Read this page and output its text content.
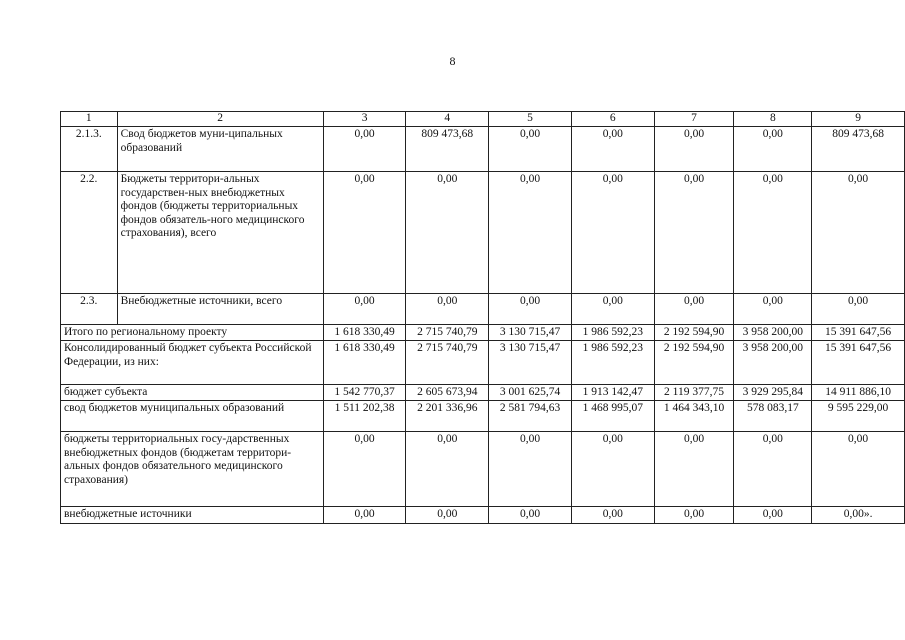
8
1	2	3	4	5	6	7	8	9
2.1.3.	Свод бюджетов муни-ципальных образований	0,00	809 473,68	0,00	0,00	0,00	0,00	809 473,68
2.2.	Бюджеты территори-альных государствен-ных внебюджетных фондов (бюджеты территориальных фондов обязатель-ного медицинского страхования), всего	0,00	0,00	0,00	0,00	0,00	0,00	0,00
2.3.	Внебюджетные источники, всего	0,00	0,00	0,00	0,00	0,00	0,00	0,00
Итого по региональному проекту		1 618 330,49	2 715 740,79	3 130 715,47	1 986 592,23	2 192 594,90	3 958 200,00	15 391 647,56
Консолидированный бюджет субъекта Российской Федерации, из них:		1 618 330,49	2 715 740,79	3 130 715,47	1 986 592,23	2 192 594,90	3 958 200,00	15 391 647,56
бюджет субъекта		1 542 770,37	2 605 673,94	3 001 625,74	1 913 142,47	2 119 377,75	3 929 295,84	14 911 886,10
свод бюджетов муниципальных образований		1 511 202,38	2 201 336,96	2 581 794,63	1 468 995,07	1 464 343,10	578 083,17	9 595 229,00
бюджеты территориальных госу-дарственных внебюджетных фондов (бюджетам территори-альных фондов обязательного медицинского страхования)		0,00	0,00	0,00	0,00	0,00	0,00	0,00
внебюджетные источники		0,00	0,00	0,00	0,00	0,00	0,00	0,00».
